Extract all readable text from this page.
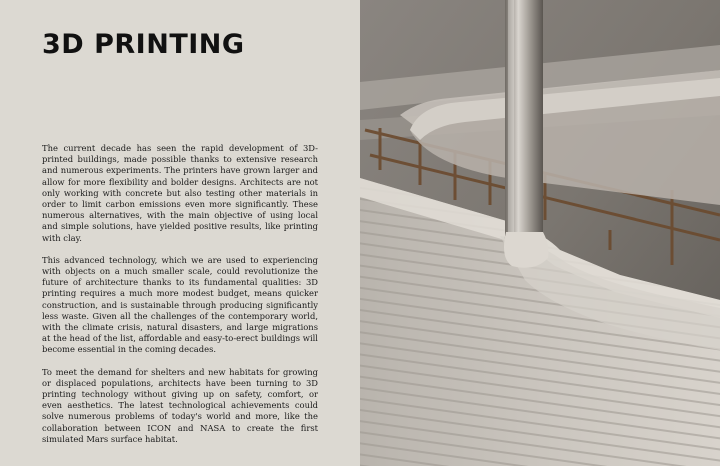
3D PRINTING

The current decade has seen the rapid development of 3D-printed buildings, made possible thanks to extensive research and numerous experiments. The printers have grown larger and allow for more flexibility and bolder designs. Architects are not only working with concrete but also testing other materials in order to limit carbon emissions even more significantly. These numerous alternatives, with the main objective of using local and simple solutions, have yielded positive results, like printing with clay.

This advanced technology, which we are used to experiencing with objects on a much smaller scale, could revolutionize the future of architecture thanks to its fundamental qualities: 3D printing requires a much more modest budget, means quicker construction, and is sustainable through producing significantly less waste. Given all the challenges of the contemporary world, with the climate crisis, natural disasters, and large migrations at the head of the list, affordable and easy-to-erect buildings will become essential in the coming decades.

To meet the demand for shelters and new habitats for growing or displaced populations, architects have been turning to 3D printing technology without giving up on safety, comfort, or even aesthetics. The latest technological achievements could solve numerous problems of today's world and more, like the collaboration between ICON and NASA to create the first simulated Mars surface habitat.
